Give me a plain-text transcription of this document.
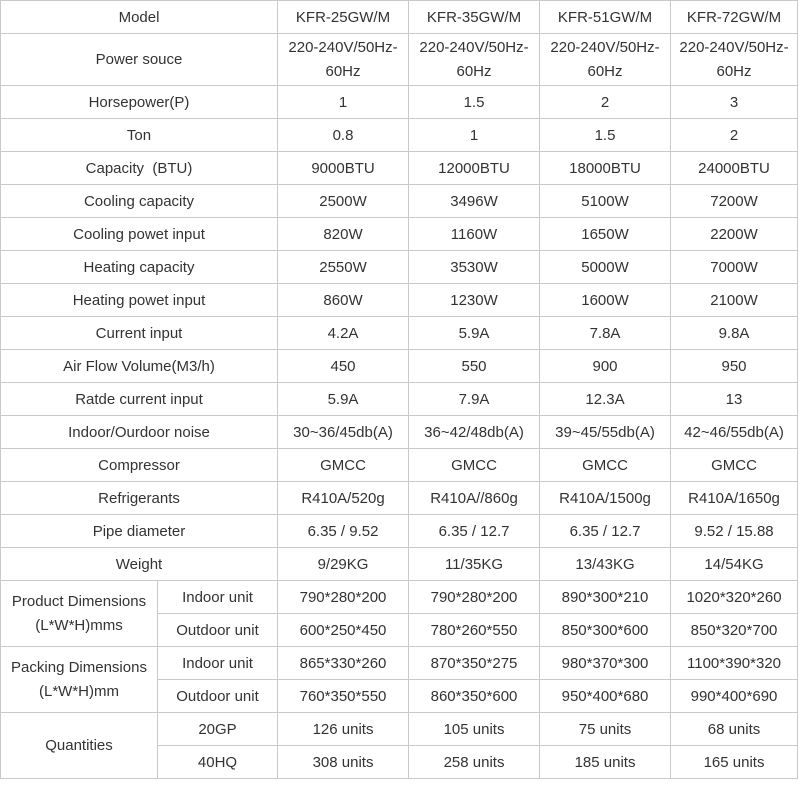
Model		KFR-25GW/M	KFR-35GW/M	KFR-51GW/M	KFR-72GW/M
Power souce		220-240V/50Hz-60Hz	220-240V/50Hz-60Hz	220-240V/50Hz-60Hz	220-240V/50Hz-60Hz
Horsepower(P)		1	1.5	2	3
Ton		0.8	1	1.5	2
Capacity  (BTU)		9000BTU	12000BTU	18000BTU	24000BTU
Cooling capacity		2500W	3496W	5100W	7200W
Cooling powet input		820W	1160W	1650W	2200W
Heating capacity		2550W	3530W	5000W	7000W
Heating powet input		860W	1230W	1600W	2100W
Current input		4.2A	5.9A	7.8A	9.8A
Air Flow Volume(M3/h)		450	550	900	950
Ratde current input		5.9A	7.9A	12.3A	13
Indoor/Ourdoor noise		30~36/45db(A)	36~42/48db(A)	39~45/55db(A)	42~46/55db(A)
Compressor		GMCC	GMCC	GMCC	GMCC
Refrigerants		R410A/520g	R410A//860g	R410A/1500g	R410A/1650g
Pipe diameter		6.35 / 9.52	6.35 / 12.7	6.35 / 12.7	9.52 / 15.88
Weight		9/29KG	11/35KG	13/43KG	14/54KG
Product Dimensions
(L*W*H)mms	Indoor unit	790*280*200	790*280*200	890*300*210	1020*320*260
	Outdoor unit	600*250*450	780*260*550	850*300*600	850*320*700
Packing Dimensions
(L*W*H)mm	Indoor unit	865*330*260	870*350*275	980*370*300	1100*390*320
	Outdoor unit	760*350*550	860*350*600	950*400*680	990*400*690
Quantities	20GP	126 units	105 units	75 units	68 units
	40HQ	308 units	258 units	185 units	165 units
